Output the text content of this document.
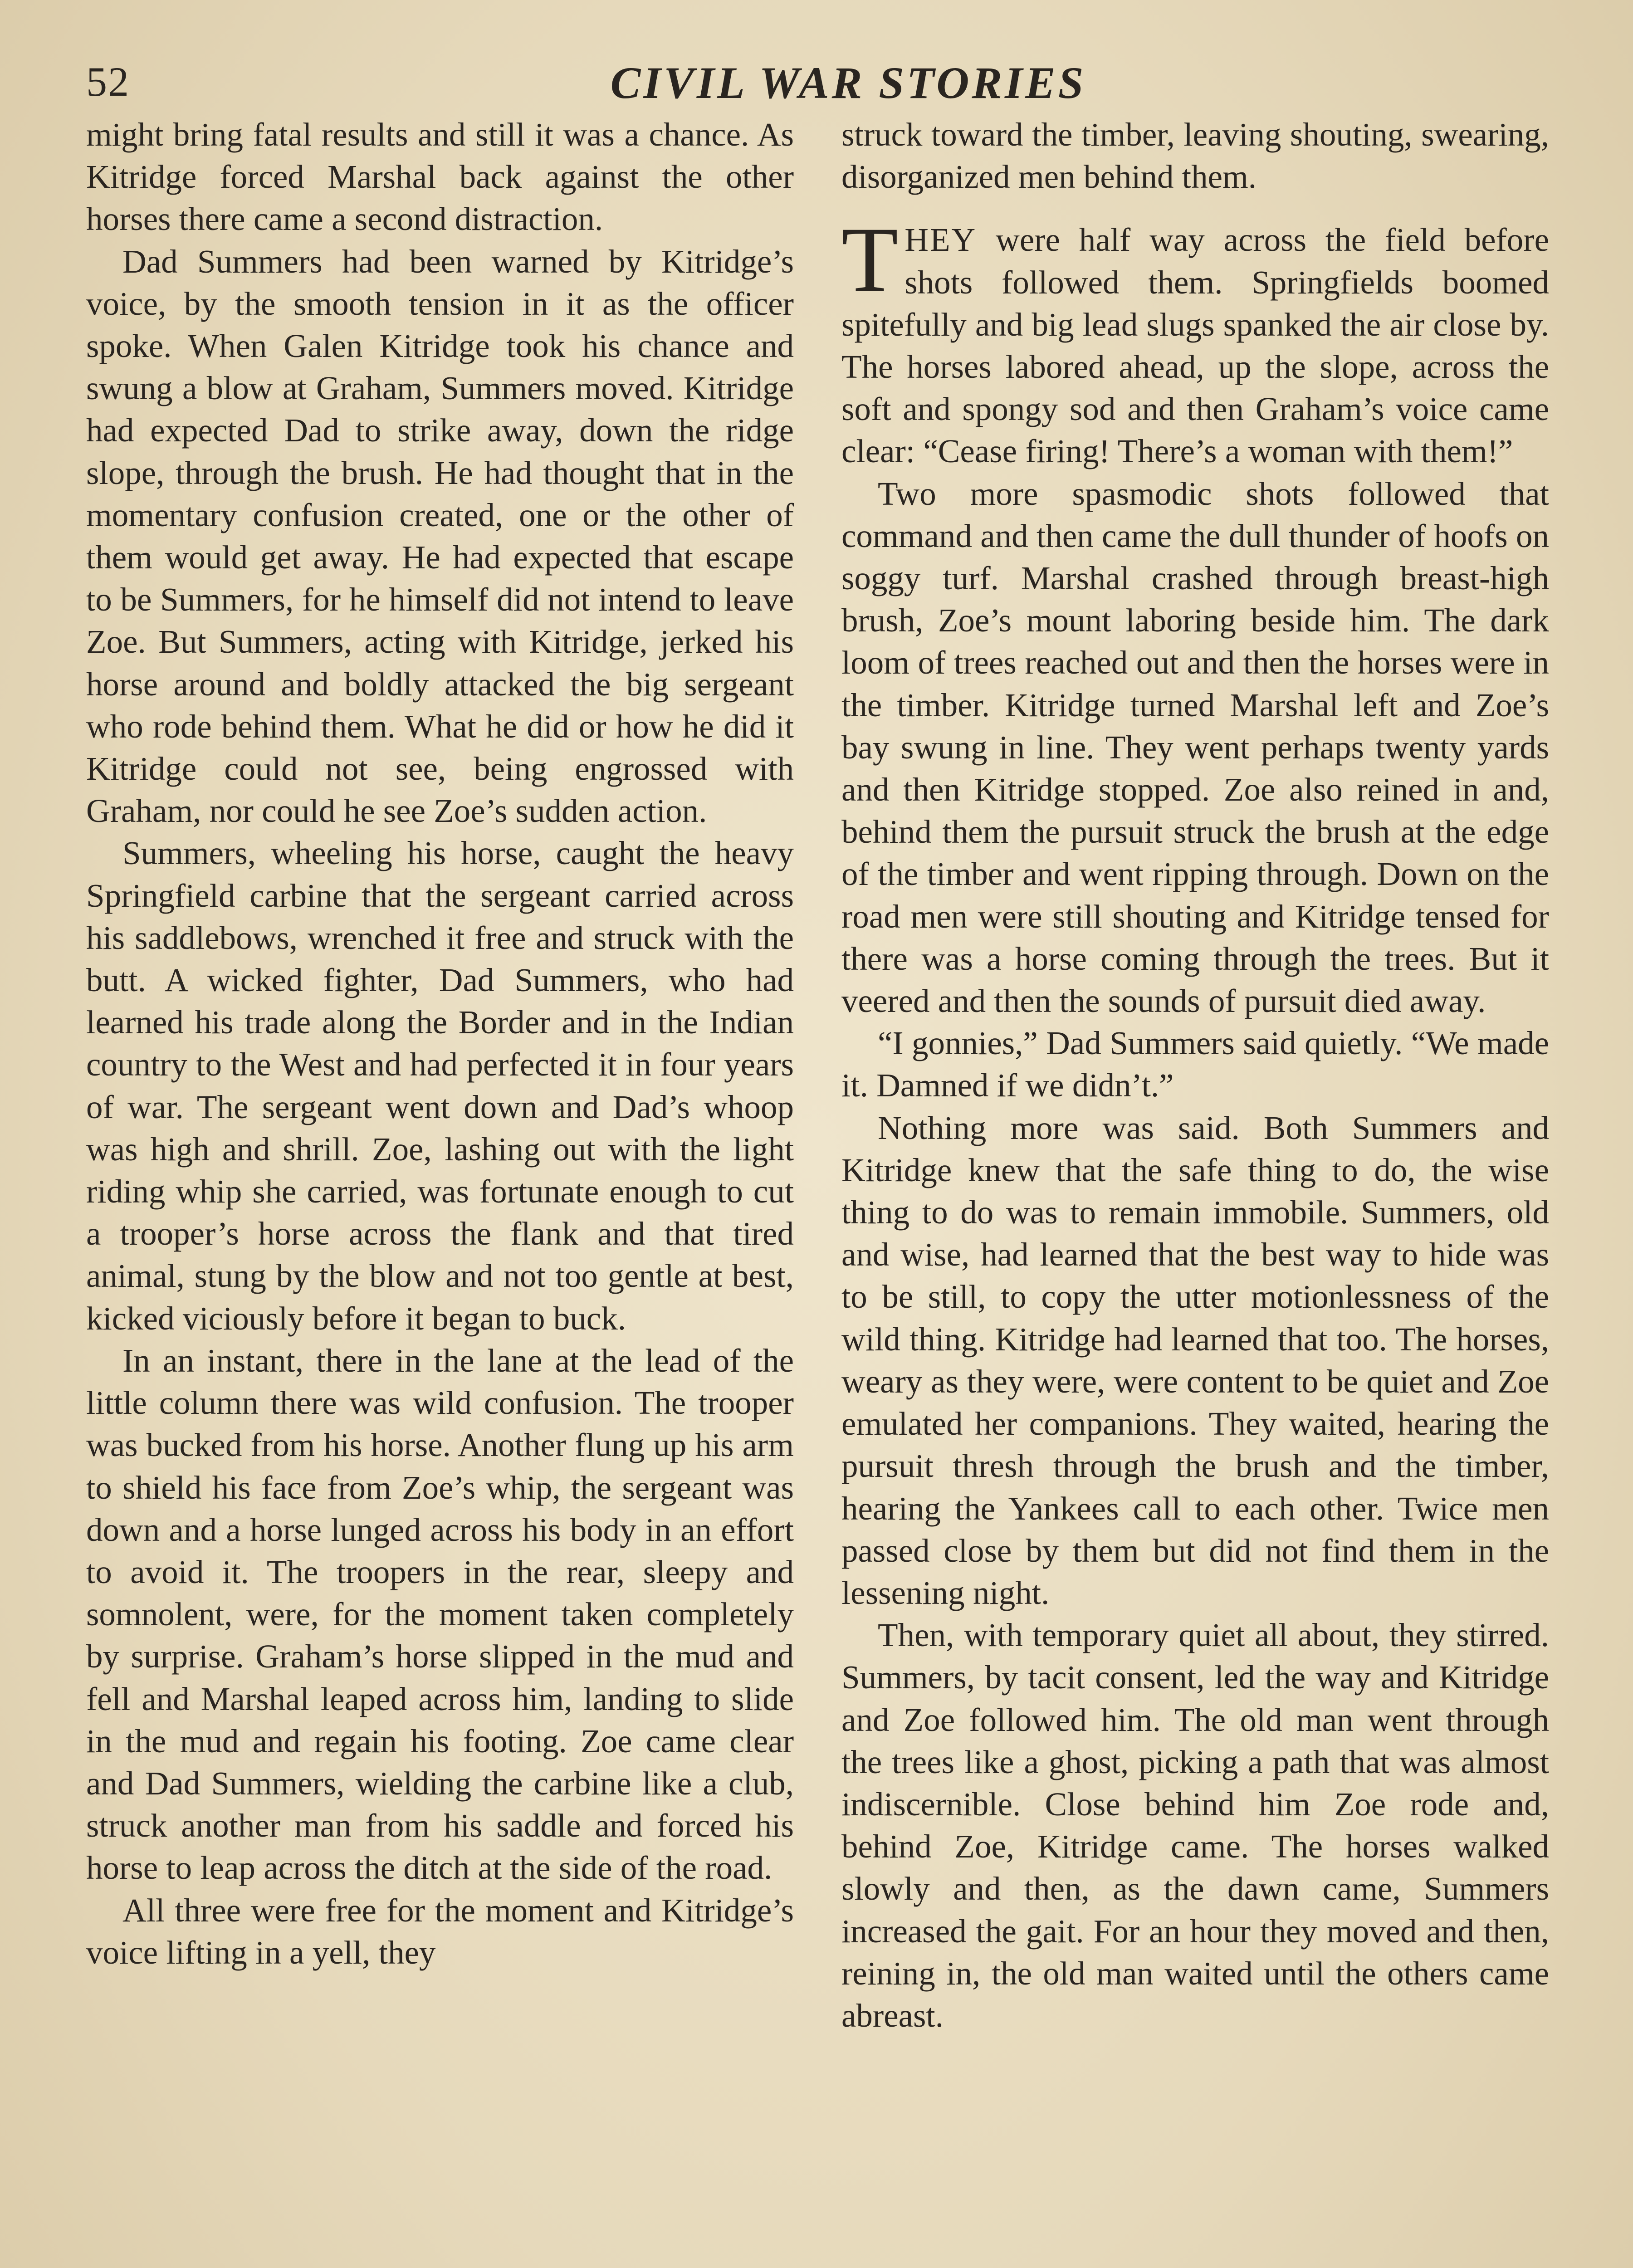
52	CIVIL WAR STORIES

might bring fatal results and still it was a chance. As Kitridge forced Marshal back against the other horses there came a second distraction.

Dad Summers had been warned by Kitridge’s voice, by the smooth tension in it as the officer spoke. When Galen Kitridge took his chance and swung a blow at Graham, Summers moved. Kitridge had expected Dad to strike away, down the ridge slope, through the brush. He had thought that in the momentary confusion created, one or the other of them would get away. He had expected that escape to be Summers, for he himself did not intend to leave Zoe. But Summers, acting with Kitridge, jerked his horse around and boldly attacked the big sergeant who rode behind them. What he did or how he did it Kitridge could not see, being engrossed with Graham, nor could he see Zoe’s sudden action.

Summers, wheeling his horse, caught the heavy Springfield carbine that the sergeant carried across his saddlebows, wrenched it free and struck with the butt. A wicked fighter, Dad Summers, who had learned his trade along the Border and in the Indian country to the West and had perfected it in four years of war. The sergeant went down and Dad’s whoop was high and shrill. Zoe, lashing out with the light riding whip she carried, was fortunate enough to cut a trooper’s horse across the flank and that tired animal, stung by the blow and not too gentle at best, kicked viciously before it began to buck.

In an instant, there in the lane at the lead of the little column there was wild confusion. The trooper was bucked from his horse. Another flung up his arm to shield his face from Zoe’s whip, the sergeant was down and a horse lunged across his body in an effort to avoid it. The troopers in the rear, sleepy and somnolent, were, for the moment taken completely by surprise. Graham’s horse slipped in the mud and fell and Marshal leaped across him, landing to slide in the mud and regain his footing. Zoe came clear and Dad Summers, wielding the carbine like a club, struck another man from his saddle and forced his horse to leap across the ditch at the side of the road.

All three were free for the moment and Kitridge’s voice lifting in a yell, they

struck toward the timber, leaving shouting, swearing, disorganized men behind them.

THEY were half way across the field before shots followed them. Springfields boomed spitefully and big lead slugs spanked the air close by. The horses labored ahead, up the slope, across the soft and spongy sod and then Graham’s voice came clear: “Cease firing! There’s a woman with them!”

Two more spasmodic shots followed that command and then came the dull thunder of hoofs on soggy turf. Marshal crashed through breast-high brush, Zoe’s mount laboring beside him. The dark loom of trees reached out and then the horses were in the timber. Kitridge turned Marshal left and Zoe’s bay swung in line. They went perhaps twenty yards and then Kitridge stopped. Zoe also reined in and, behind them the pursuit struck the brush at the edge of the timber and went ripping through. Down on the road men were still shouting and Kitridge tensed for there was a horse coming through the trees. But it veered and then the sounds of pursuit died away.

“I gonnies,” Dad Summers said quietly. “We made it. Damned if we didn’t.”

Nothing more was said. Both Summers and Kitridge knew that the safe thing to do, the wise thing to do was to remain immobile. Summers, old and wise, had learned that the best way to hide was to be still, to copy the utter motionlessness of the wild thing. Kitridge had learned that too. The horses, weary as they were, were content to be quiet and Zoe emulated her companions. They waited, hearing the pursuit thresh through the brush and the timber, hearing the Yankees call to each other. Twice men passed close by them but did not find them in the lessening night.

Then, with temporary quiet all about, they stirred. Summers, by tacit consent, led the way and Kitridge and Zoe followed him. The old man went through the trees like a ghost, picking a path that was almost indiscernible. Close behind him Zoe rode and, behind Zoe, Kitridge came. The horses walked slowly and then, as the dawn came, Summers increased the gait. For an hour they moved and then, reining in, the old man waited until the others came abreast.
